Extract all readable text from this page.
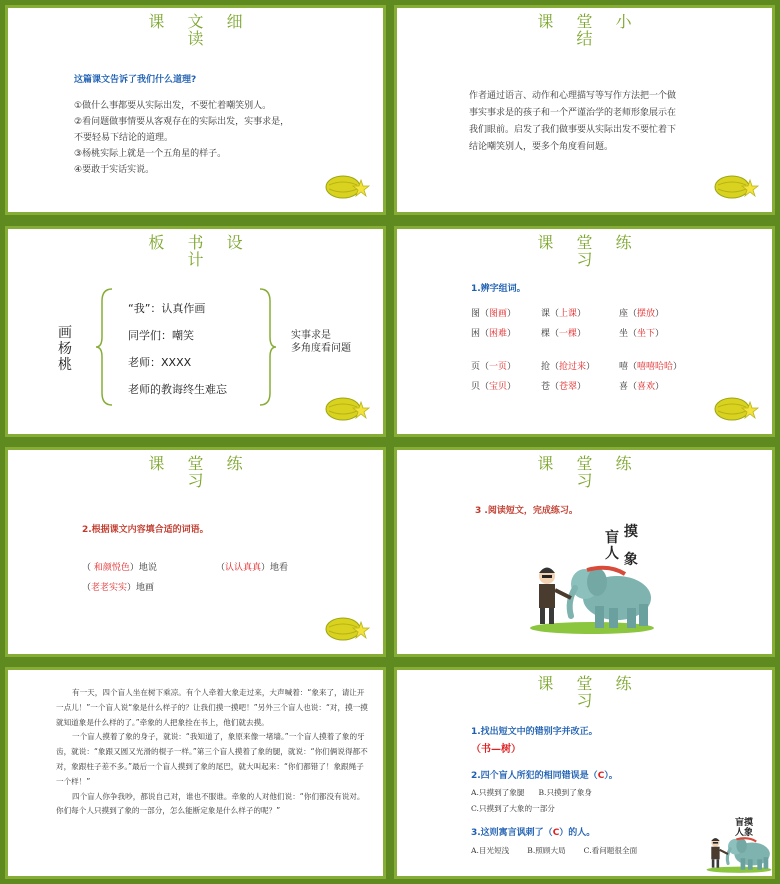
课 文 细
读
这篇课文告诉了我们什么道理?
①做什么事都要从实际出发，不要忙着嘲笑别人。
②看问题做事情要从客观存在的实际出发，实事求是，
不要轻易下结论的道理。
③杨桃实际上就是一个五角星的样子。
④要敢于实话实说。
课 堂 小
结
作者通过语言、动作和心理描写等写作方法把一个做
事实事求是的孩子和一个严谨治学的老师形象展示在
我们眼前。启发了我们做事要从实际出发不要忙着下
结论嘲笑别人，要多个角度看问题。
板 书 设
计
画
杨
桃
“我”：认真作画
同学们：嘲笑
老师：XXXX
老师的教诲终生难忘
实事求是
多角度看问题
课 堂 练
习
1.辨字组词。
图（图画）	课（上课）	座（摆放）
困（困难）	棵（一棵）	坐（坐下）
页（一页）	抢（抢过来）	嘻（嘻嘻哈哈）
贝（宝贝）	苍（苍翠）	喜（喜欢）
课 堂 练
习
2.根据课文内容填合适的词语。
（ 和颜悦色）地说	（认认真真）地看
（老老实实）地画
课 堂 练
习
3 .阅读短文，完成练习。
盲 摸
人 象

有一天，四个盲人坐在树下乘凉。有个人牵着大象走过来，大声喊着：“象来了，请让开一点儿！”一个盲人说“象是什么样子的？让我们摸一摸吧！”另外三个盲人也说：“对，摸一摸就知道象是什么样的了。”牵象的人把象拴在书上，他们就去摸。

一个盲人摸着了象的身子，就说：“我知道了，象原来像一堵墙。”一个盲人摸着了象的牙齿，就说：“象跟又圆又光滑的棍子一样。”第三个盲人摸着了象的腿，就说：“你们俩说得都不对，象跟柱子差不多。”最后一个盲人摸到了象的尾巴，就大叫起来：“你们都错了！象跟绳子一个样！”

四个盲人你争我吵，都说自己对，谁也不服谁。牵象的人对他们说：“你们都没有说对。你们每个人只摸到了象的一部分，怎么能断定象是什么样子的呢？”

课 堂 练
习
1.找出短文中的错别字并改正。
（书—树）
2.四个盲人所犯的相同错误是（C）。
A.只摸到了象腿 B.只摸到了象身
C.只摸到了大象的一部分
3.这则寓言讽刺了（C）的人。
A.目光短浅 B.照顾大局 C.看问题很全面
盲摸
人象
